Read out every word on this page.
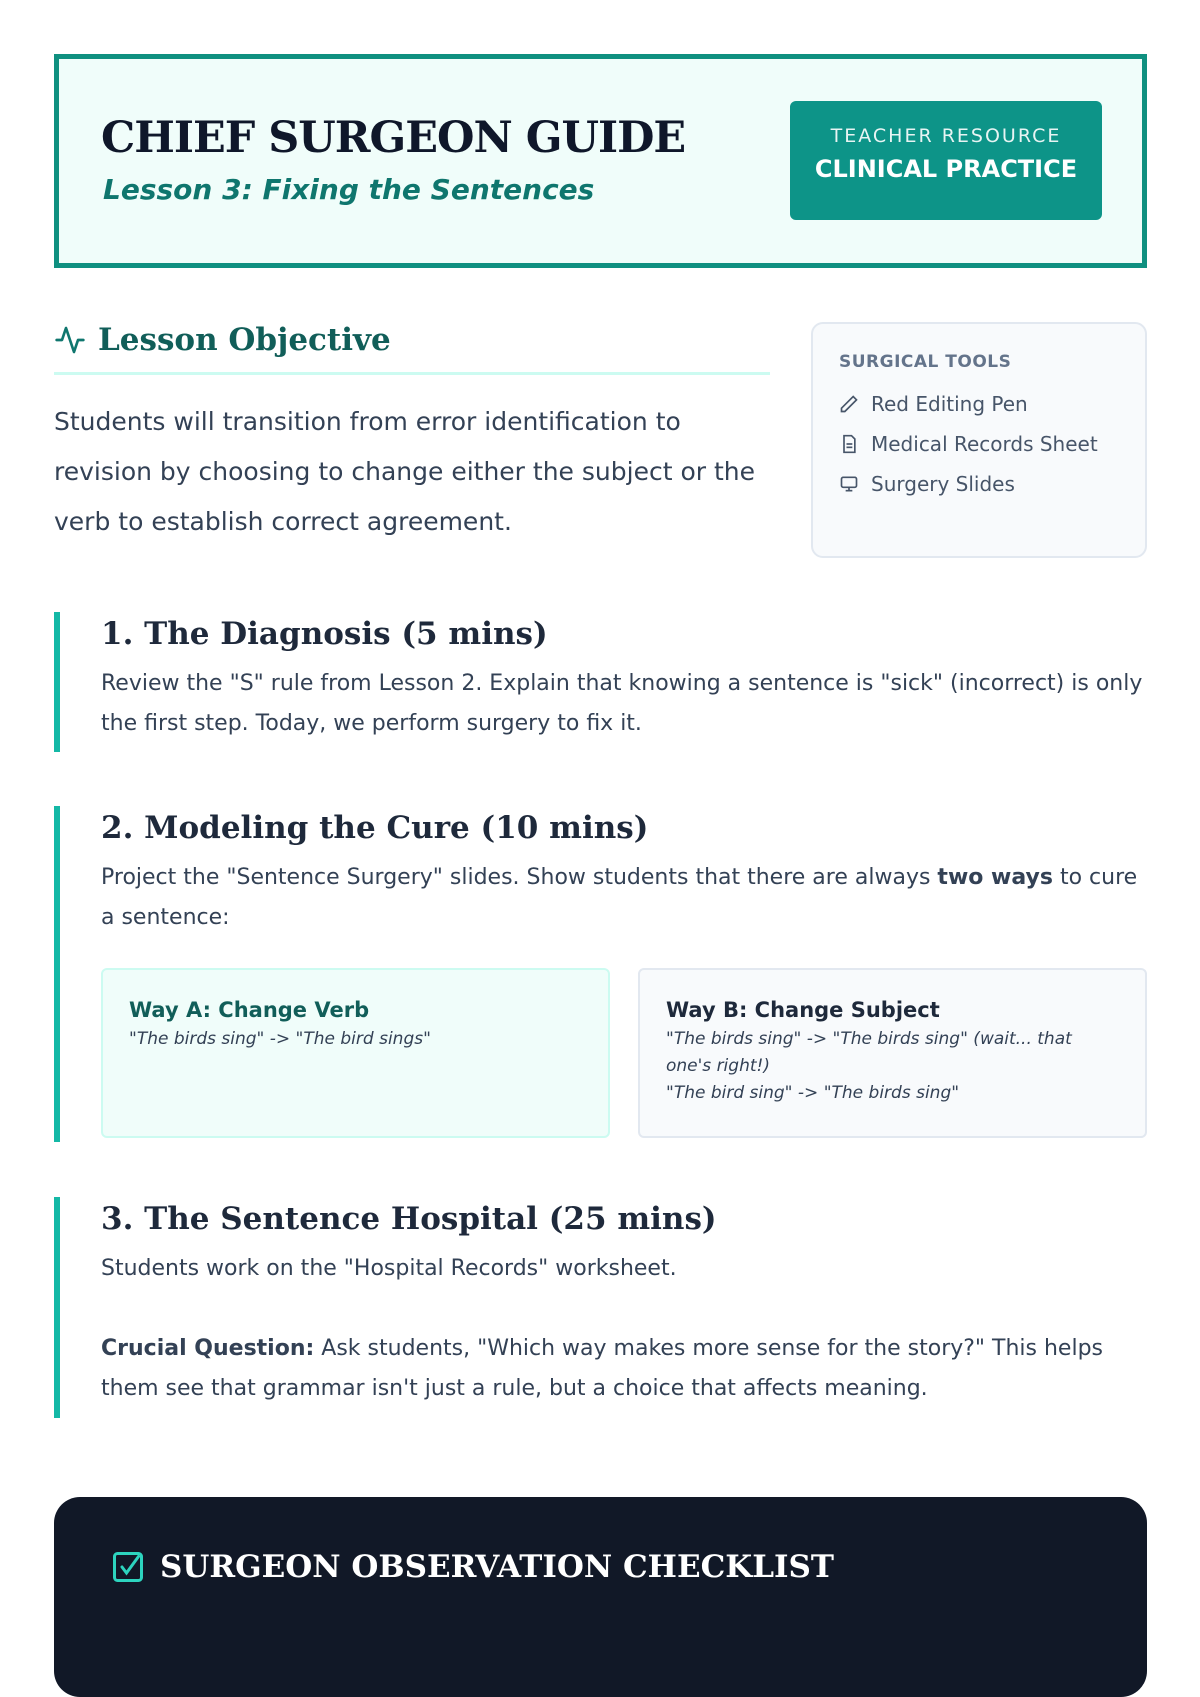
CHIEF SURGEON GUIDE
Lesson 3: Fixing the Sentences
TEACHER RESOURCE
CLINICAL PRACTICE
Lesson Objective

Students will transition from error identification to revision by choosing to change either the subject or the verb to establish correct agreement.

SURGICAL TOOLS
Red Editing Pen
Medical Records Sheet
Surgery Slides
1. The Diagnosis (5 mins)

Review the "S" rule from Lesson 2. Explain that knowing a sentence is "sick" (incorrect) is only the first step. Today, we perform surgery to fix it.

2. Modeling the Cure (10 mins)

Project the "Sentence Surgery" slides. Show students that there are always two ways to cure a sentence:

Way A: Change Verb
"The birds sing" -> "The bird sings"
Way B: Change Subject
"The birds sing" -> "The birds sing" (wait... that one's right!)
"The bird sing" -> "The birds sing"
3. The Sentence Hospital (25 mins)

Students work on the "Hospital Records" worksheet.

Crucial Question: Ask students, "Which way makes more sense for the story?" This helps them see that grammar isn't just a rule, but a choice that affects meaning.

SURGEON OBSERVATION CHECKLIST
